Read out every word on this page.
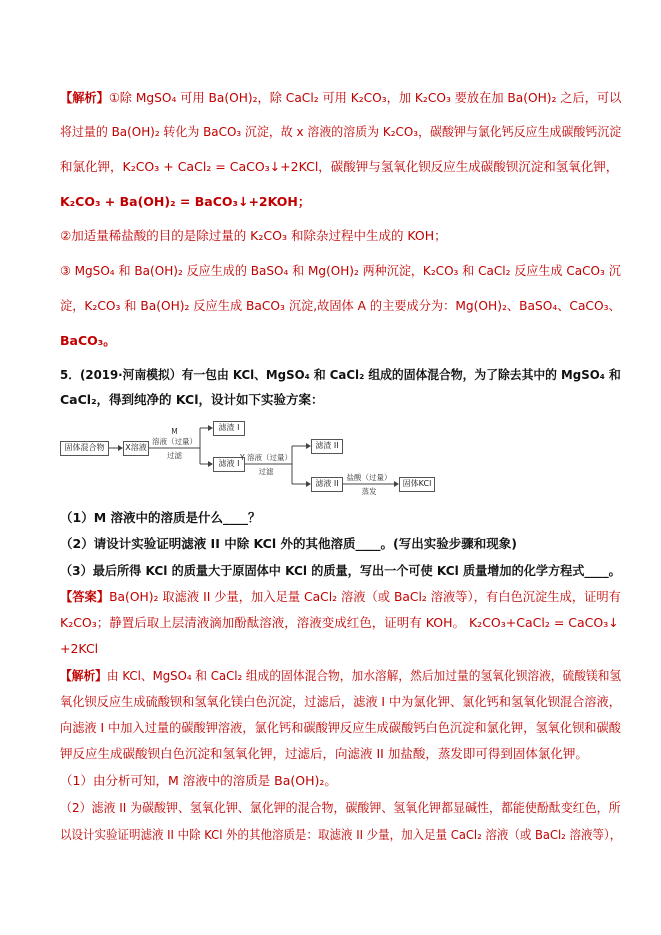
【解析】①除 MgSO₄ 可用 Ba(OH)₂，除 CaCl₂ 可用 K₂CO₃，加 K₂CO₃ 要放在加 Ba(OH)₂ 之后，可以
将过量的 Ba(OH)₂ 转化为 BaCO₃ 沉淀，故 x 溶液的溶质为 K₂CO₃，碳酸钾与氯化钙反应生成碳酸钙沉淀
和氯化钾，K₂CO₃ + CaCl₂ = CaCO₃↓+2KCl，碳酸钾与氢氧化钡反应生成碳酸钡沉淀和氢氧化钾，
K₂CO₃ + Ba(OH)₂ = BaCO₃↓+2KOH；
②加适量稀盐酸的目的是除过量的 K₂CO₃ 和除杂过程中生成的 KOH；
③ MgSO₄ 和 Ba(OH)₂ 反应生成的 BaSO₄ 和 Mg(OH)₂ 两种沉淀，K₂CO₃ 和 CaCl₂ 反应生成 CaCO₃ 沉
淀，K₂CO₃ 和 Ba(OH)₂ 反应生成 BaCO₃ 沉淀,故固体 A 的主要成分为：Mg(OH)₂、BaSO₄、CaCO₃、
BaCO₃。
5．(2019·河南模拟）有一包由 KCl、MgSO₄ 和 CaCl₂ 组成的固体混合物，为了除去其中的 MgSO₄ 和
CaCl₂，得到纯净的 KCl，设计如下实验方案：
固体混合物	X溶液
M
溶液（过量）
过滤
滤渣 I
滤液 I
Y 溶液（过量）
过滤
滤渣 II
滤液 II
盐酸（过量）
蒸发
固体KCl
（1）M 溶液中的溶质是什么____？
（2）请设计实验证明滤液 II 中除 KCl 外的其他溶质____。(写出实验步骤和现象)
（3）最后所得 KCl 的质量大于原固体中 KCl 的质量，写出一个可使 KCl 质量增加的化学方程式____。
【答案】Ba(OH)₂ 取滤液 II 少量，加入足量 CaCl₂ 溶液（或 BaCl₂ 溶液等），有白色沉淀生成，证明有
K₂CO₃；静置后取上层清液滴加酚酞溶液，溶液变成红色，证明有 KOH。 K₂CO₃+CaCl₂ = CaCO₃↓
+2KCl
【解析】由 KCl、MgSO₄ 和 CaCl₂ 组成的固体混合物，加水溶解，然后加过量的氢氧化钡溶液，硫酸镁和氢
氧化钡反应生成硫酸钡和氢氧化镁白色沉淀，过滤后，滤液 I 中为氯化钾、氯化钙和氢氧化钡混合溶液，
向滤液 I 中加入过量的碳酸钾溶液，氯化钙和碳酸钾反应生成碳酸钙白色沉淀和氯化钾，氢氧化钡和碳酸
钾反应生成碳酸钡白色沉淀和氢氧化钾，过滤后，向滤液 II 加盐酸，蒸发即可得到固体氯化钾。
（1）由分析可知，M 溶液中的溶质是 Ba(OH)₂。
（2）滤液 II 为碳酸钾、氢氧化钾、氯化钾的混合物，碳酸钾、氢氧化钾都显碱性，都能使酚酞变红色，所
以设计实验证明滤液 II 中除 KCl 外的其他溶质是：取滤液 II 少量，加入足量 CaCl₂ 溶液（或 BaCl₂ 溶液等），
